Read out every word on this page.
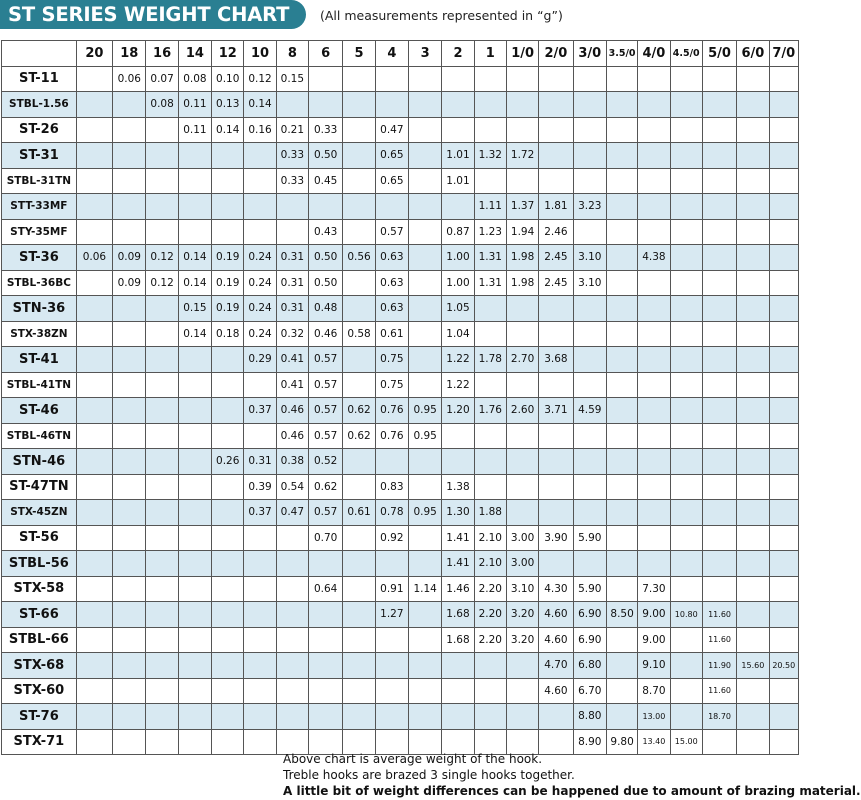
ST SERIES WEIGHT CHART	(All measurements represented in “g”)
	20	18	16	14	12	10	8	6	5	4	3	2	1	1/0	2/0	3/0	3.5/0	4/0	4.5/0	5/0	6/0	7/0
ST-11		0.06	0.07	0.08	0.10	0.12	0.15															
STBL-1.56			0.08	0.11	0.13	0.14																
ST-26				0.11	0.14	0.16	0.21	0.33		0.47												
ST-31							0.33	0.50		0.65		1.01	1.32	1.72								
STBL-31TN							0.33	0.45		0.65		1.01										
STT-33MF													1.11	1.37	1.81	3.23						
STY-35MF								0.43		0.57		0.87	1.23	1.94	2.46							
ST-36	0.06	0.09	0.12	0.14	0.19	0.24	0.31	0.50	0.56	0.63		1.00	1.31	1.98	2.45	3.10		4.38				
STBL-36BC		0.09	0.12	0.14	0.19	0.24	0.31	0.50		0.63		1.00	1.31	1.98	2.45	3.10						
STN-36				0.15	0.19	0.24	0.31	0.48		0.63		1.05										
STX-38ZN				0.14	0.18	0.24	0.32	0.46	0.58	0.61		1.04										
ST-41						0.29	0.41	0.57		0.75		1.22	1.78	2.70	3.68							
STBL-41TN							0.41	0.57		0.75		1.22										
ST-46						0.37	0.46	0.57	0.62	0.76	0.95	1.20	1.76	2.60	3.71	4.59						
STBL-46TN							0.46	0.57	0.62	0.76	0.95											
STN-46					0.26	0.31	0.38	0.52														
ST-47TN						0.39	0.54	0.62		0.83		1.38										
STX-45ZN						0.37	0.47	0.57	0.61	0.78	0.95	1.30	1.88									
ST-56								0.70		0.92		1.41	2.10	3.00	3.90	5.90						
STBL-56												1.41	2.10	3.00								
STX-58								0.64		0.91	1.14	1.46	2.20	3.10	4.30	5.90		7.30				
ST-66										1.27		1.68	2.20	3.20	4.60	6.90	8.50	9.00	10.80	11.60		
STBL-66												1.68	2.20	3.20	4.60	6.90		9.00		11.60		
STX-68															4.70	6.80		9.10		11.90	15.60	20.50
STX-60															4.60	6.70		8.70		11.60		
ST-76																8.80		13.00		18.70		
STX-71																8.90	9.80	13.40	15.00			
Above chart is average weight of the hook.
Treble hooks are brazed 3 single hooks together.
A little bit of weight differences can be happened due to amount of brazing material.
